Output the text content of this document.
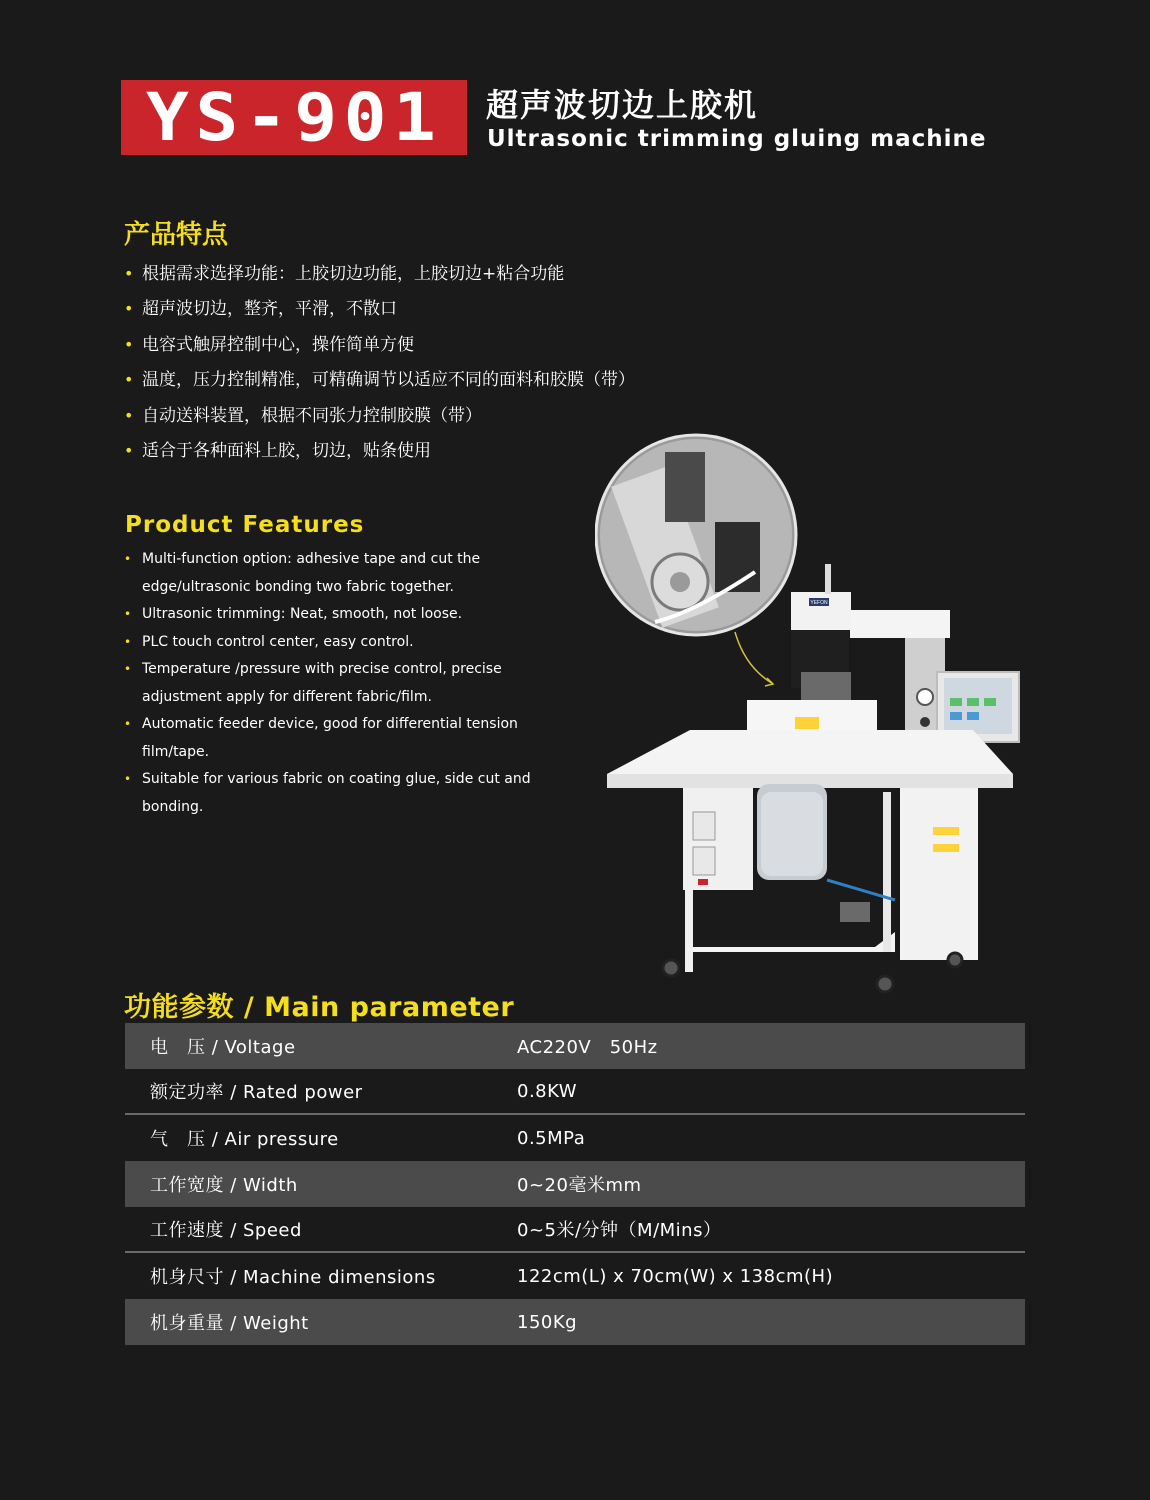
YS-901 超声波切边上胶机
Ultrasonic trimming gluing machine
产品特点
• 根据需求选择功能：上胶切边功能，上胶切边+粘合功能
• 超声波切边，整齐，平滑，不散口
• 电容式触屏控制中心，操作简单方便
• 温度，压力控制精准，可精确调节以适应不同的面料和胶膜（带）
• 自动送料装置，根据不同张力控制胶膜（带）
• 适合于各种面料上胶，切边，贴条使用
Product Features
• Multi-function option: adhesive tape and cut the edge/ultrasonic bonding two fabric together.
• Ultrasonic trimming: Neat, smooth, not loose.
• PLC touch control center, easy control.
• Temperature /pressure with precise control, precise adjustment apply for different fabric/film.
• Automatic feeder device, good for differential tension film/tape.
• Suitable for various fabric on coating glue, side cut and bonding.
YEFON
功能参数 / Main parameter
电　压 / Voltage	AC220V　50Hz
额定功率 / Rated power	0.8KW
气　压 / Air pressure	0.5MPa
工作宽度 / Width	0~20毫米mm
工作速度 / Speed	0~5米/分钟（M/Mins）
机身尺寸 / Machine dimensions	122cm(L) x 70cm(W) x 138cm(H)
机身重量 / Weight	150Kg
